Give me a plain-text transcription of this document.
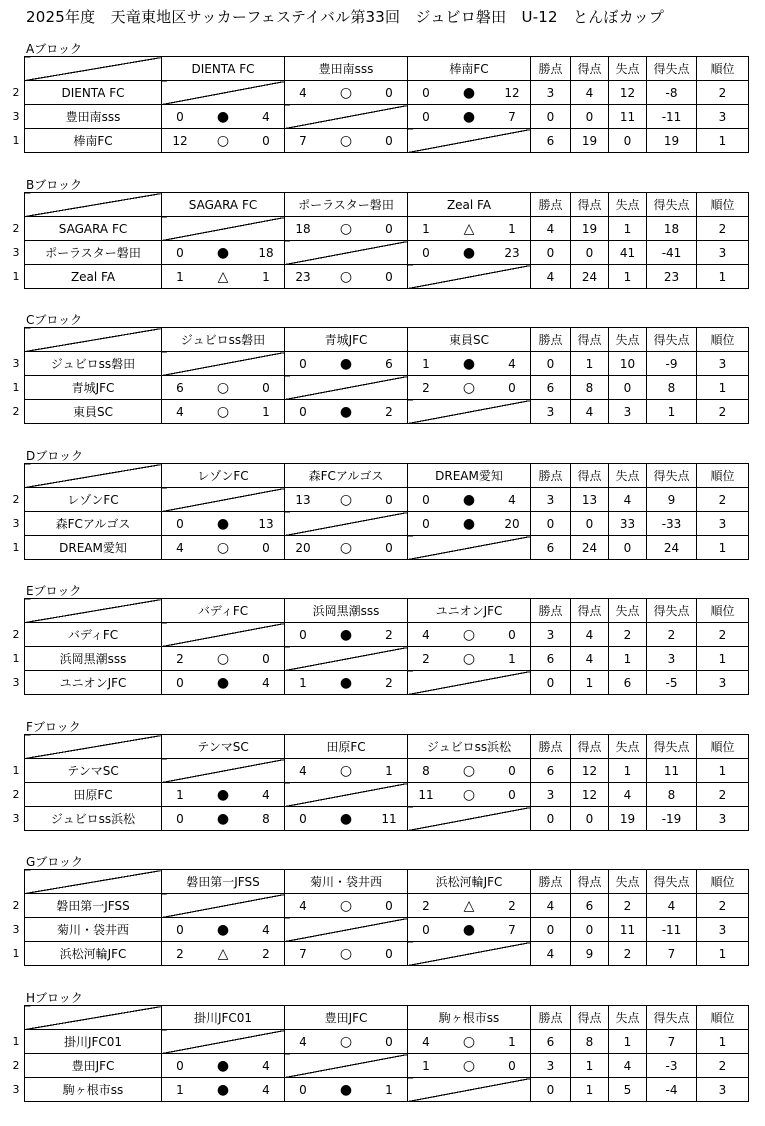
2025年度　天竜東地区サッカーフェステイバル第33回　ジュビロ磐田　U-12　とんぼカップ
Aブロック
2
3
1
	DIENTA FC	豊田南sss	棒南FC	勝点	得点	失点	得失点	順位
DIENTA FC		4 ○ 0	0 ● 12	3	4	12	-8	2
豊田南sss	0 ● 4		0 ● 7	0	0	11	-11	3
棒南FC	12 ○ 0	7 ○ 0		6	19	0	19	1
Bブロック
2
3
1
	SAGARA FC	ポーラスター磐田	Zeal FA	勝点	得点	失点	得失点	順位
SAGARA FC		18 ○ 0	1 △ 1	4	19	1	18	2
ポーラスター磐田	0 ● 18		0 ● 23	0	0	41	-41	3
Zeal FA	1 △ 1	23 ○ 0		4	24	1	23	1
Cブロック
3
1
2
	ジュビロss磐田	青城JFC	東員SC	勝点	得点	失点	得失点	順位
ジュビロss磐田		0 ● 6	1 ● 4	0	1	10	-9	3
青城JFC	6 ○ 0		2 ○ 0	6	8	0	8	1
東員SC	4 ○ 1	0 ● 2		3	4	3	1	2
Dブロック
2
3
1
	レゾンFC	森FCアルゴス	DREAM愛知	勝点	得点	失点	得失点	順位
レゾンFC		13 ○ 0	0 ● 4	3	13	4	9	2
森FCアルゴス	0 ● 13		0 ● 20	0	0	33	-33	3
DREAM愛知	4 ○ 0	20 ○ 0		6	24	0	24	1
Eブロック
2
1
3
	バディFC	浜岡黒潮sss	ユニオンJFC	勝点	得点	失点	得失点	順位
バディFC		0 ● 2	4 ○ 0	3	4	2	2	2
浜岡黒潮sss	2 ○ 0		2 ○ 1	6	4	1	3	1
ユニオンJFC	0 ● 4	1 ● 2		0	1	6	-5	3
Fブロック
1
2
3
	テンマSC	田原FC	ジュビロss浜松	勝点	得点	失点	得失点	順位
テンマSC		4 ○ 1	8 ○ 0	6	12	1	11	1
田原FC	1 ● 4		11 ○ 0	3	12	4	8	2
ジュビロss浜松	0 ● 8	0 ● 11		0	0	19	-19	3
Gブロック
2
3
1
	磐田第一JFSS	菊川・袋井西	浜松河輪JFC	勝点	得点	失点	得失点	順位
磐田第一JFSS		4 ○ 0	2 △ 2	4	6	2	4	2
菊川・袋井西	0 ● 4		0 ● 7	0	0	11	-11	3
浜松河輪JFC	2 △ 2	7 ○ 0		4	9	2	7	1
Hブロック
1
2
3
	掛川JFC01	豊田JFC	駒ヶ根市ss	勝点	得点	失点	得失点	順位
掛川JFC01		4 ○ 0	4 ○ 1	6	8	1	7	1
豊田JFC	0 ● 4		1 ○ 0	3	1	4	-3	2
駒ヶ根市ss	1 ● 4	0 ● 1		0	1	5	-4	3
